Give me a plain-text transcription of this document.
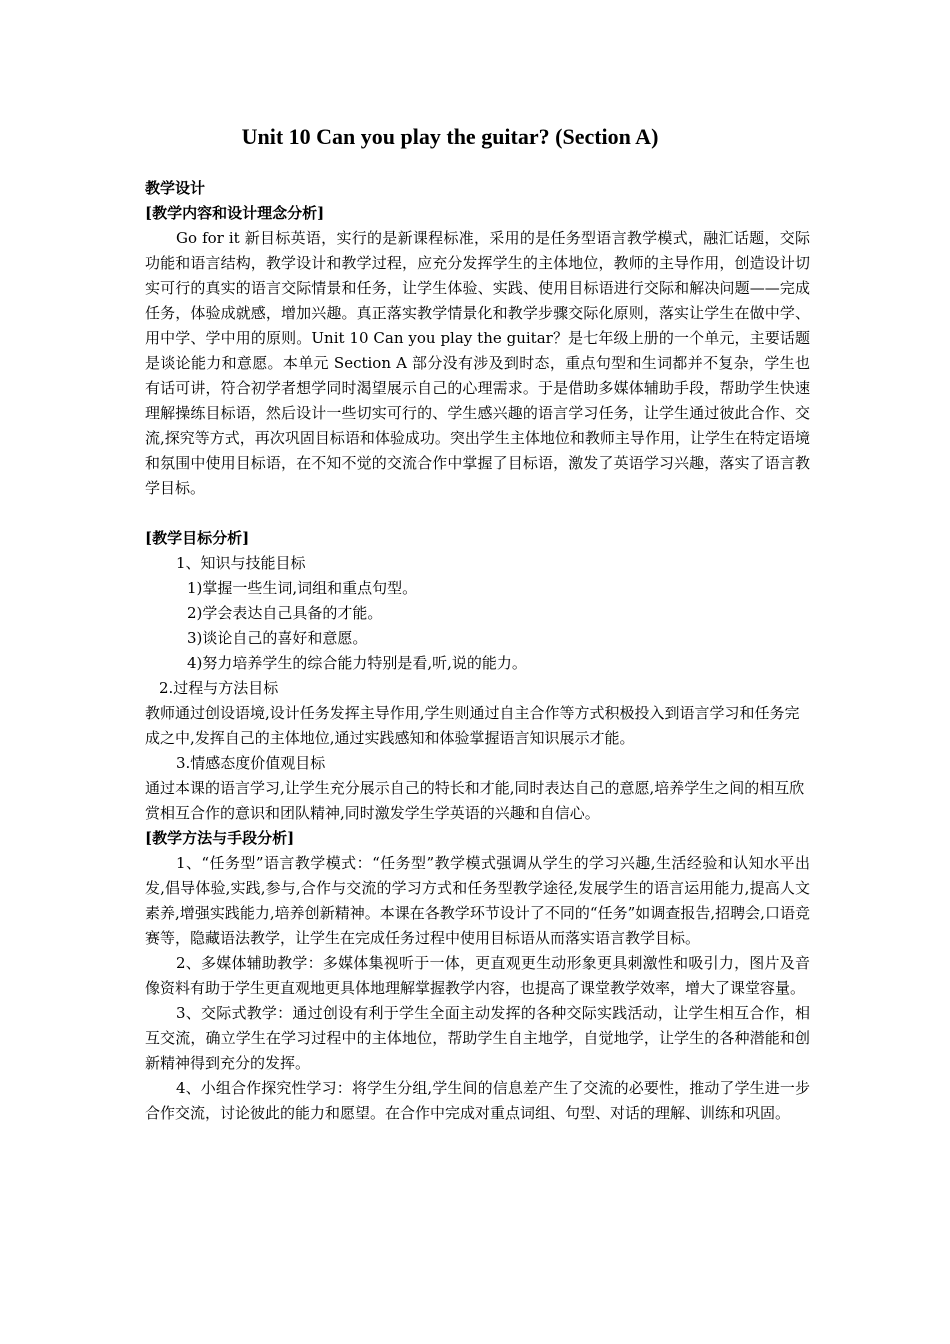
Unit 10 Can you play the guitar? (Section A)

教学设计

[教学内容和设计理念分析]

Go for it 新目标英语，实行的是新课程标准，采用的是任务型语言教学模式，融汇话题，交际功能和语言结构，教学设计和教学过程，应充分发挥学生的主体地位，教师的主导作用，创造设计切实可行的真实的语言交际情景和任务，让学生体验、实践、使用目标语进行交际和解决问题——完成任务，体验成就感，增加兴趣。真正落实教学情景化和教学步骤交际化原则，落实让学生在做中学、用中学、学中用的原则。Unit 10 Can you play the guitar？是七年级上册的一个单元，主要话题是谈论能力和意愿。本单元 Section A 部分没有涉及到时态，重点句型和生词都并不复杂，学生也有话可讲，符合初学者想学同时渴望展示自己的心理需求。于是借助多媒体辅助手段，帮助学生快速理解操练目标语，然后设计一些切实可行的、学生感兴趣的语言学习任务，让学生通过彼此合作、交流,探究等方式，再次巩固目标语和体验成功。突出学生主体地位和教师主导作用，让学生在特定语境和氛围中使用目标语，在不知不觉的交流合作中掌握了目标语，激发了英语学习兴趣，落实了语言教学目标。

[教学目标分析]

1、知识与技能目标

1)掌握一些生词,词组和重点句型。

2)学会表达自己具备的才能。

3)谈论自己的喜好和意愿。

4)努力培养学生的综合能力特别是看,听,说的能力。

2.过程与方法目标

教师通过创设语境,设计任务发挥主导作用,学生则通过自主合作等方式积极投入到语言学习和任务完成之中,发挥自己的主体地位,通过实践感知和体验掌握语言知识展示才能。

3.情感态度价值观目标

通过本课的语言学习,让学生充分展示自己的特长和才能,同时表达自己的意愿,培养学生之间的相互欣赏相互合作的意识和团队精神,同时激发学生学英语的兴趣和自信心。

[教学方法与手段分析]

1、“任务型”语言教学模式：“任务型”教学模式强调从学生的学习兴趣,生活经验和认知水平出发,倡导体验,实践,参与,合作与交流的学习方式和任务型教学途径,发展学生的语言运用能力,提高人文素养,增强实践能力,培养创新精神。本课在各教学环节设计了不同的“任务”如调查报告,招聘会,口语竞赛等，隐藏语法教学，让学生在完成任务过程中使用目标语从而落实语言教学目标。

2、多媒体辅助教学：多媒体集视听于一体，更直观更生动形象更具刺激性和吸引力，图片及音像资料有助于学生更直观地更具体地理解掌握教学内容，也提高了课堂教学效率，增大了课堂容量。

3、交际式教学：通过创设有利于学生全面主动发挥的各种交际实践活动，让学生相互合作，相互交流，确立学生在学习过程中的主体地位，帮助学生自主地学，自觉地学，让学生的各种潜能和创新精神得到充分的发挥。

4、小组合作探究性学习：将学生分组,学生间的信息差产生了交流的必要性，推动了学生进一步合作交流，讨论彼此的能力和愿望。在合作中完成对重点词组、句型、对话的理解、训练和巩固。
